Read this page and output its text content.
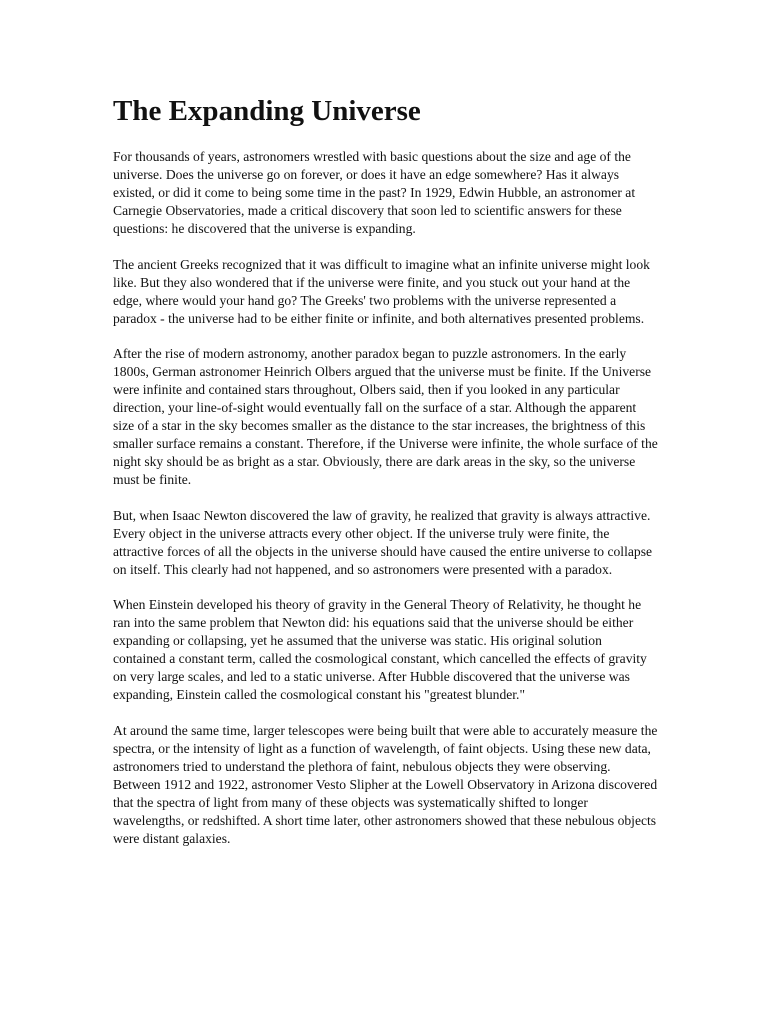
The Expanding Universe

For thousands of years, astronomers wrestled with basic questions about the size and age of the universe. Does the universe go on forever, or does it have an edge somewhere? Has it always existed, or did it come to being some time in the past? In 1929, Edwin Hubble, an astronomer at Carnegie Observatories, made a critical discovery that soon led to scientific answers for these questions: he discovered that the universe is expanding.

The ancient Greeks recognized that it was difficult to imagine what an infinite universe might look like. But they also wondered that if the universe were finite, and you stuck out your hand at the edge, where would your hand go? The Greeks' two problems with the universe represented a paradox - the universe had to be either finite or infinite, and both alternatives presented problems.

After the rise of modern astronomy, another paradox began to puzzle astronomers. In the early 1800s, German astronomer Heinrich Olbers argued that the universe must be finite. If the Universe were infinite and contained stars throughout, Olbers said, then if you looked in any particular direction, your line-of-sight would eventually fall on the surface of a star. Although the apparent size of a star in the sky becomes smaller as the distance to the star increases, the brightness of this smaller surface remains a constant. Therefore, if the Universe were infinite, the whole surface of the night sky should be as bright as a star. Obviously, there are dark areas in the sky, so the universe must be finite.

But, when Isaac Newton discovered the law of gravity, he realized that gravity is always attractive. Every object in the universe attracts every other object. If the universe truly were finite, the attractive forces of all the objects in the universe should have caused the entire universe to collapse on itself. This clearly had not happened, and so astronomers were presented with a paradox.

When Einstein developed his theory of gravity in the General Theory of Relativity, he thought he ran into the same problem that Newton did: his equations said that the universe should be either expanding or collapsing, yet he assumed that the universe was static. His original solution contained a constant term, called the cosmological constant, which cancelled the effects of gravity on very large scales, and led to a static universe. After Hubble discovered that the universe was expanding, Einstein called the cosmological constant his "greatest blunder."

At around the same time, larger telescopes were being built that were able to accurately measure the spectra, or the intensity of light as a function of wavelength, of faint objects. Using these new data, astronomers tried to understand the plethora of faint, nebulous objects they were observing. Between 1912 and 1922, astronomer Vesto Slipher at the Lowell Observatory in Arizona discovered that the spectra of light from many of these objects was systematically shifted to longer wavelengths, or redshifted. A short time later, other astronomers showed that these nebulous objects were distant galaxies.
